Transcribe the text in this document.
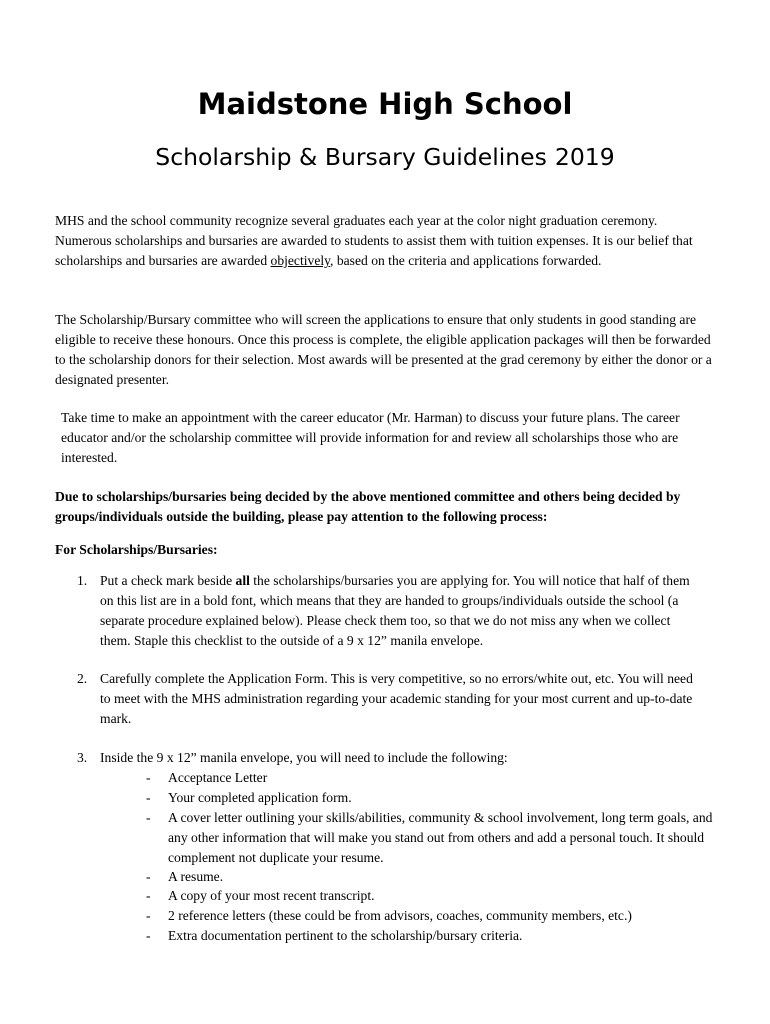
Maidstone High School
Scholarship & Bursary Guidelines 2019
MHS and the school community recognize several graduates each year at the color night graduation ceremony. Numerous scholarships and bursaries are awarded to students to assist them with tuition expenses. It is our belief that scholarships and bursaries are awarded objectively, based on the criteria and applications forwarded.
The Scholarship/Bursary committee who will screen the applications to ensure that only students in good standing are eligible to receive these honours. Once this process is complete, the eligible application packages will then be forwarded to the scholarship donors for their selection. Most awards will be presented at the grad ceremony by either the donor or a designated presenter.
Take time to make an appointment with the career educator (Mr. Harman) to discuss your future plans. The career educator and/or the scholarship committee will provide information for and review all scholarships those who are interested.
Due to scholarships/bursaries being decided by the above mentioned committee and others being decided by groups/individuals outside the building, please pay attention to the following process:
For Scholarships/Bursaries:
1. Put a check mark beside all the scholarships/bursaries you are applying for. You will notice that half of them on this list are in a bold font, which means that they are handed to groups/individuals outside the school (a separate procedure explained below). Please check them too, so that we do not miss any when we collect them. Staple this checklist to the outside of a 9 x 12” manila envelope.
2. Carefully complete the Application Form. This is very competitive, so no errors/white out, etc. You will need to meet with the MHS administration regarding your academic standing for your most current and up-to-date mark.
3. Inside the 9 x 12” manila envelope, you will need to include the following:
- Acceptance Letter
- Your completed application form.
- A cover letter outlining your skills/abilities, community & school involvement, long term goals, and any other information that will make you stand out from others and add a personal touch. It should complement not duplicate your resume.
- A resume.
- A copy of your most recent transcript.
- 2 reference letters (these could be from advisors, coaches, community members, etc.)
- Extra documentation pertinent to the scholarship/bursary criteria.
